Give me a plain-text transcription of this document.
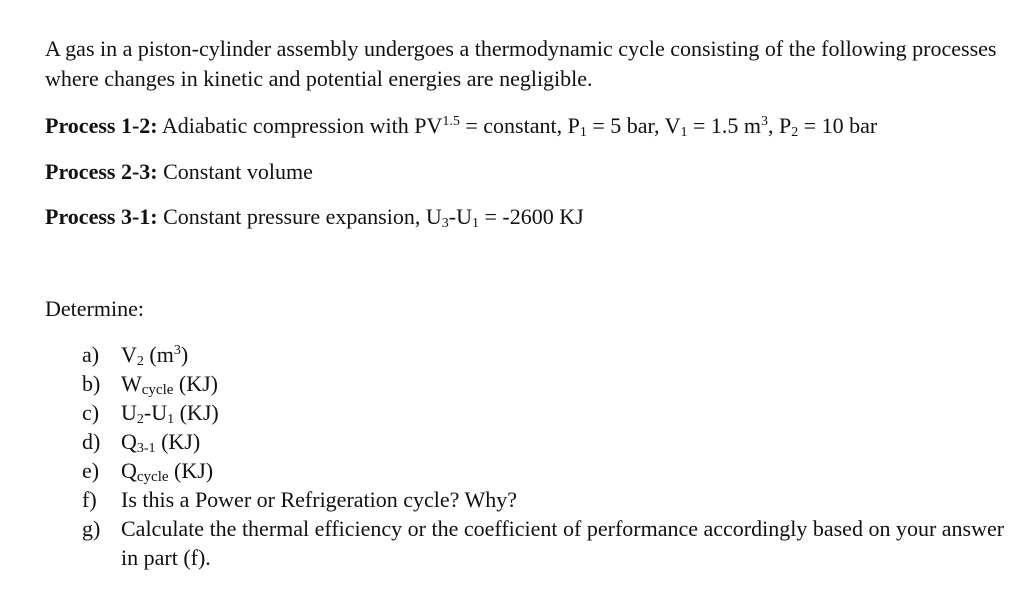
A gas in a piston-cylinder assembly undergoes a thermodynamic cycle consisting of the following processes where changes in kinetic and potential energies are negligible.
Process 1-2: Adiabatic compression with $PV^{1.5}$ = constant, $P_1 = 5$ bar, $V_1 = 1.5$ $m^3$, $P_2 = 10$ bar
Process 2-3: Constant volume
Process 3-1: Constant pressure expansion, $U_3-U_1 = -2600$ KJ
Determine:
a) $V_2$ $(m^3)$
b) $W_{cycle}$ (KJ)
c) $U_2-U_1$ (KJ)
d) $Q_{3-1}$ (KJ)
e) $Q_{cycle}$ (KJ)
f)	Is this a Power or Refrigeration cycle? Why?
g) Calculate the thermal efficiency or the coefficient of performance accordingly based on your answer in part (f).
